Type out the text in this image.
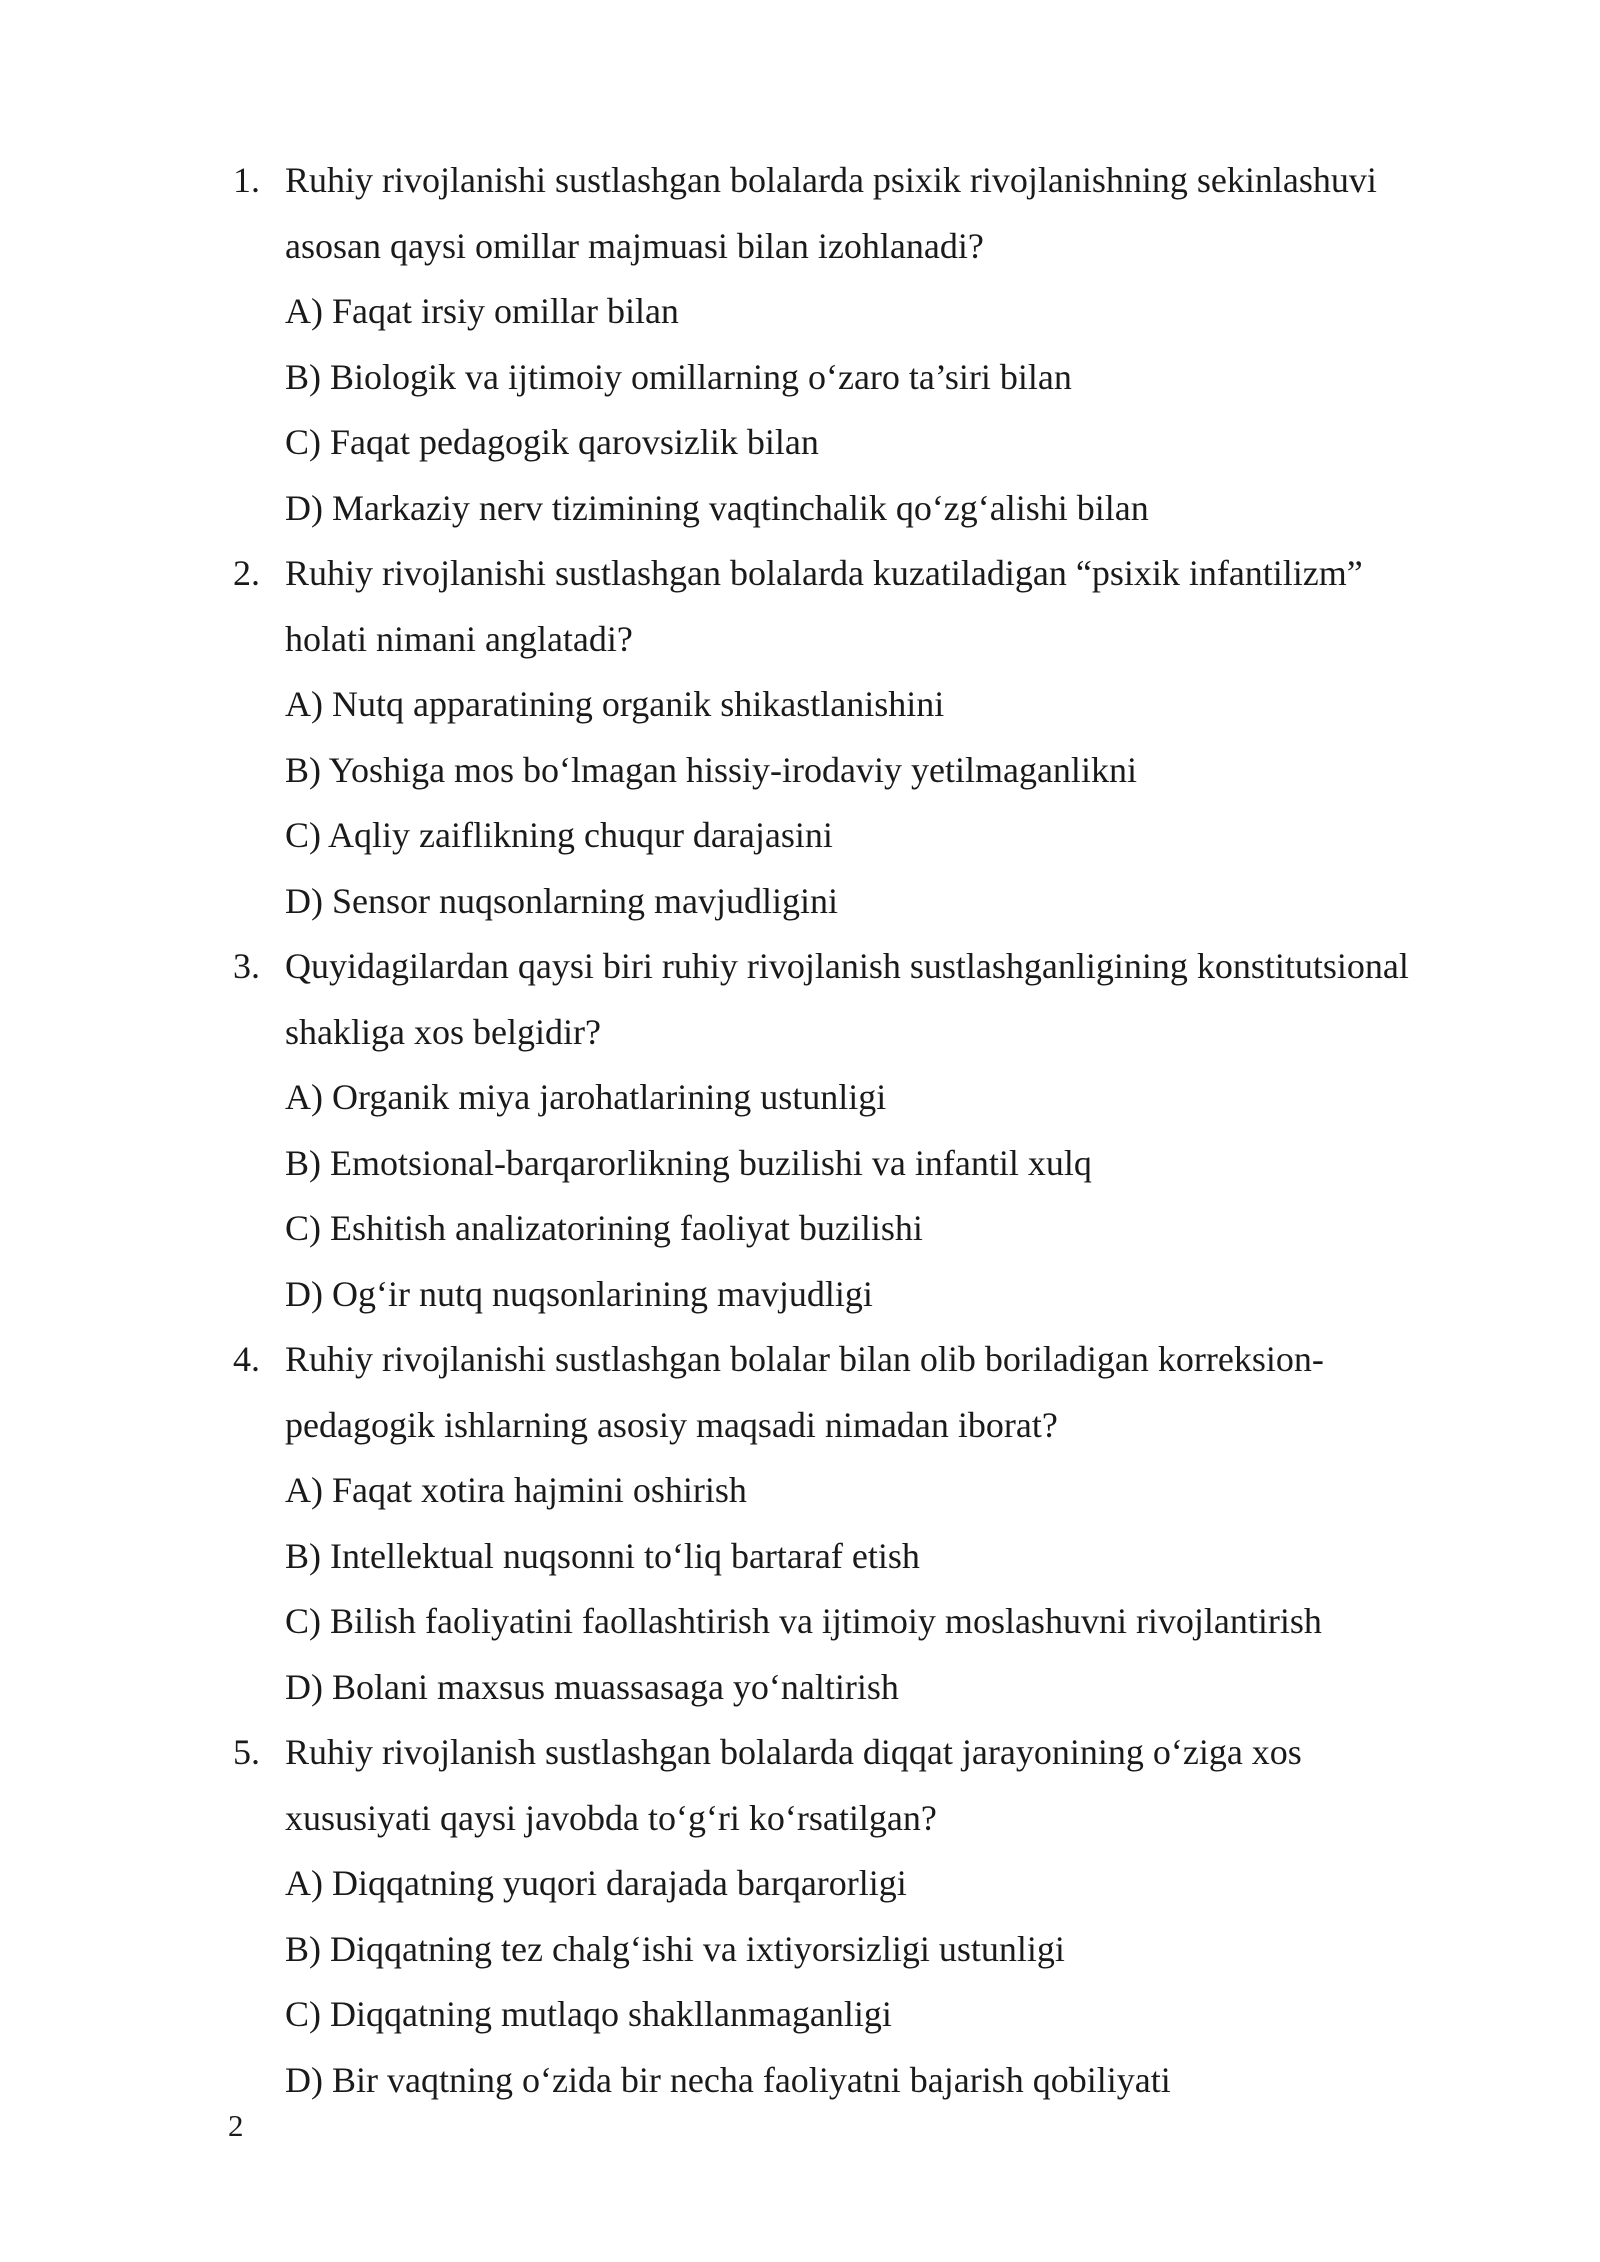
1. Ruhiy rivojlanishi sustlashgan bolalarda psixik rivojlanishning sekinlashuvi
asosan qaysi omillar majmuasi bilan izohlanadi?
A) Faqat irsiy omillar bilan
B) Biologik va ijtimoiy omillarning o‘zaro ta’siri bilan
C) Faqat pedagogik qarovsizlik bilan
D) Markaziy nerv tizimining vaqtinchalik qo‘zg‘alishi bilan
2. Ruhiy rivojlanishi sustlashgan bolalarda kuzatiladigan “psixik infantilizm”
holati nimani anglatadi?
A) Nutq apparatining organik shikastlanishini
B) Yoshiga mos bo‘lmagan hissiy-irodaviy yetilmaganlikni
C) Aqliy zaiflikning chuqur darajasini
D) Sensor nuqsonlarning mavjudligini
3. Quyidagilardan qaysi biri ruhiy rivojlanish sustlashganligining konstitutsional
shakliga xos belgidir?
A) Organik miya jarohatlarining ustunligi
B) Emotsional-barqarorlikning buzilishi va infantil xulq
C) Eshitish analizatorining faoliyat buzilishi
D) Og‘ir nutq nuqsonlarining mavjudligi
4. Ruhiy rivojlanishi sustlashgan bolalar bilan olib boriladigan korreksion-
pedagogik ishlarning asosiy maqsadi nimadan iborat?
A) Faqat xotira hajmini oshirish
B) Intellektual nuqsonni to‘liq bartaraf etish
C) Bilish faoliyatini faollashtirish va ijtimoiy moslashuvni rivojlantirish
D) Bolani maxsus muassasaga yo‘naltirish
5. Ruhiy rivojlanish sustlashgan bolalarda diqqat jarayonining o‘ziga xos
xususiyati qaysi javobda to‘g‘ri ko‘rsatilgan?
A) Diqqatning yuqori darajada barqarorligi
B) Diqqatning tez chalg‘ishi va ixtiyorsizligi ustunligi
C) Diqqatning mutlaqo shakllanmaganligi
D) Bir vaqtning o‘zida bir necha faoliyatni bajarish qobiliyati
2
